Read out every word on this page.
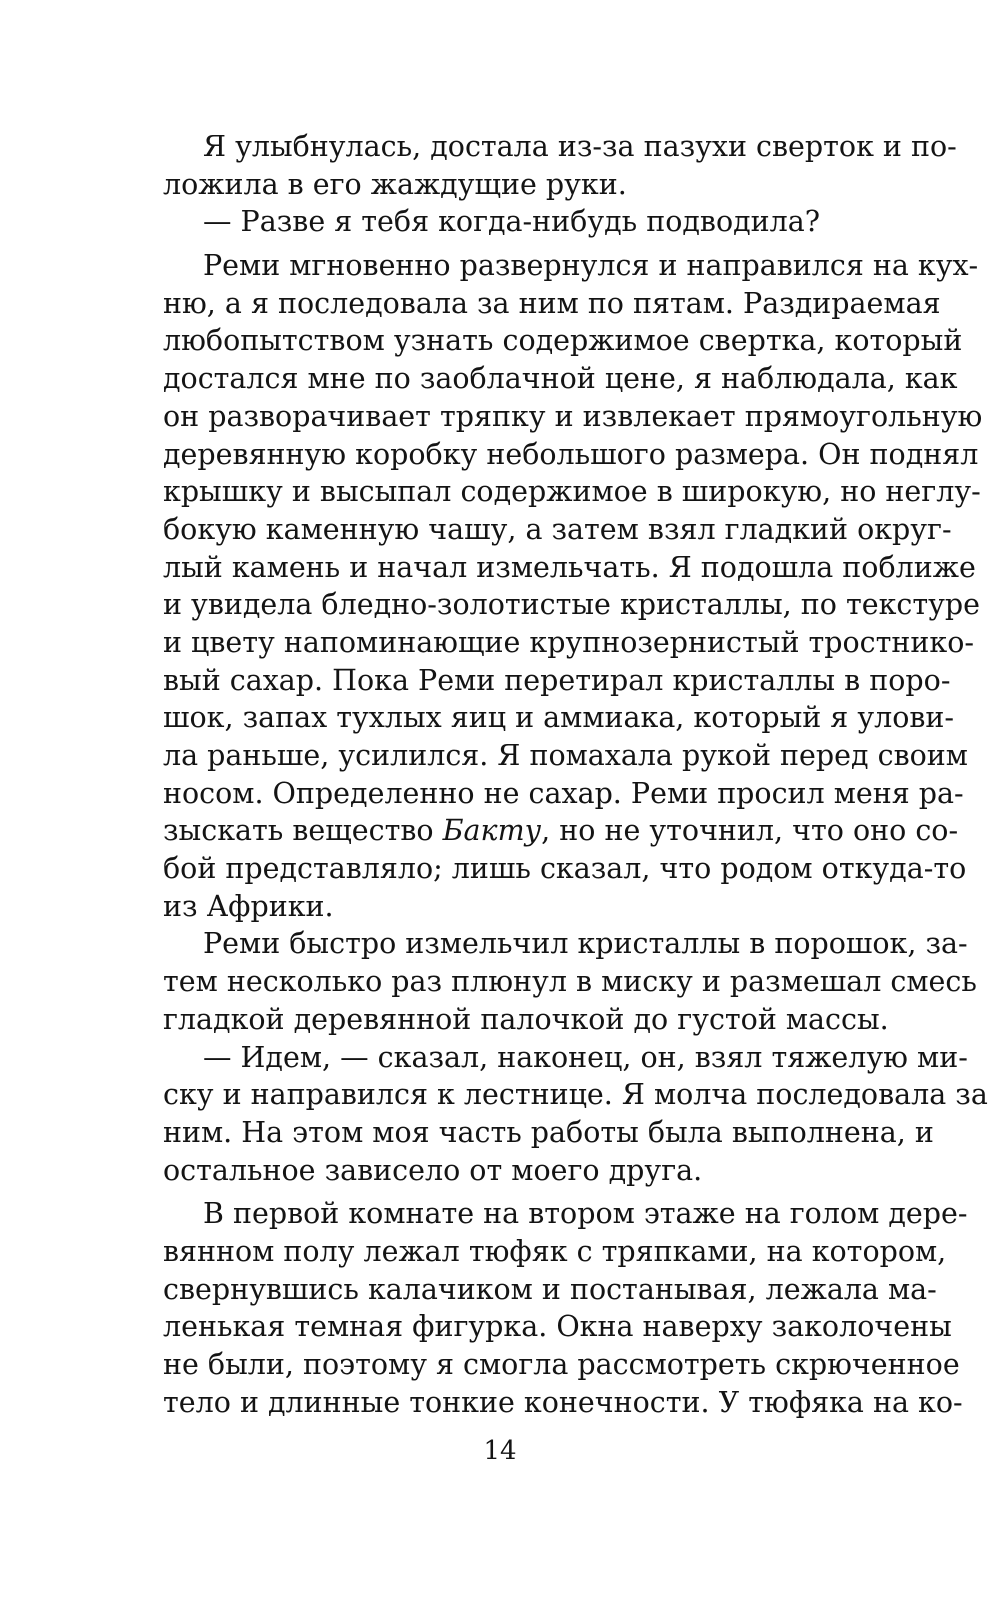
Я улыбнулась, достала из-за пазухи сверток и по-
ложила в его жаждущие руки.
— Разве я тебя когда-нибудь подводила?
Реми мгновенно развернулся и направился на кух-
ню, а я последовала за ним по пятам. Раздираемая
любопытством узнать содержимое свертка, который
достался мне по заоблачной цене, я наблюдала, как
он разворачивает тряпку и извлекает прямоугольную
деревянную коробку небольшого размера. Он поднял
крышку и высыпал содержимое в широкую, но неглу-
бокую каменную чашу, а затем взял гладкий округ-
лый камень и начал измельчать. Я подошла поближе
и увидела бледно-золотистые кристаллы, по текстуре
и цвету напоминающие крупнозернистый тростнико-
вый сахар. Пока Реми перетирал кристаллы в поро-
шок, запах тухлых яиц и аммиака, который я улови-
ла раньше, усилился. Я помахала рукой перед своим
носом. Определенно не сахар. Реми просил меня ра-
зыскать вещество Бакту, но не уточнил, что оно со-
бой представляло; лишь сказал, что родом откуда-то
из Африки.
Реми быстро измельчил кристаллы в порошок, за-
тем несколько раз плюнул в миску и размешал смесь
гладкой деревянной палочкой до густой массы.
— Идем, — сказал, наконец, он, взял тяжелую ми-
ску и направился к лестнице. Я молча последовала за
ним. На этом моя часть работы была выполнена, и
остальное зависело от моего друга.
В первой комнате на втором этаже на голом дере-
вянном полу лежал тюфяк с тряпками, на котором,
свернувшись калачиком и постанывая, лежала ма-
ленькая темная фигурка. Окна наверху заколочены
не были, поэтому я смогла рассмотреть скрюченное
тело и длинные тонкие конечности. У тюфяка на ко-
14
